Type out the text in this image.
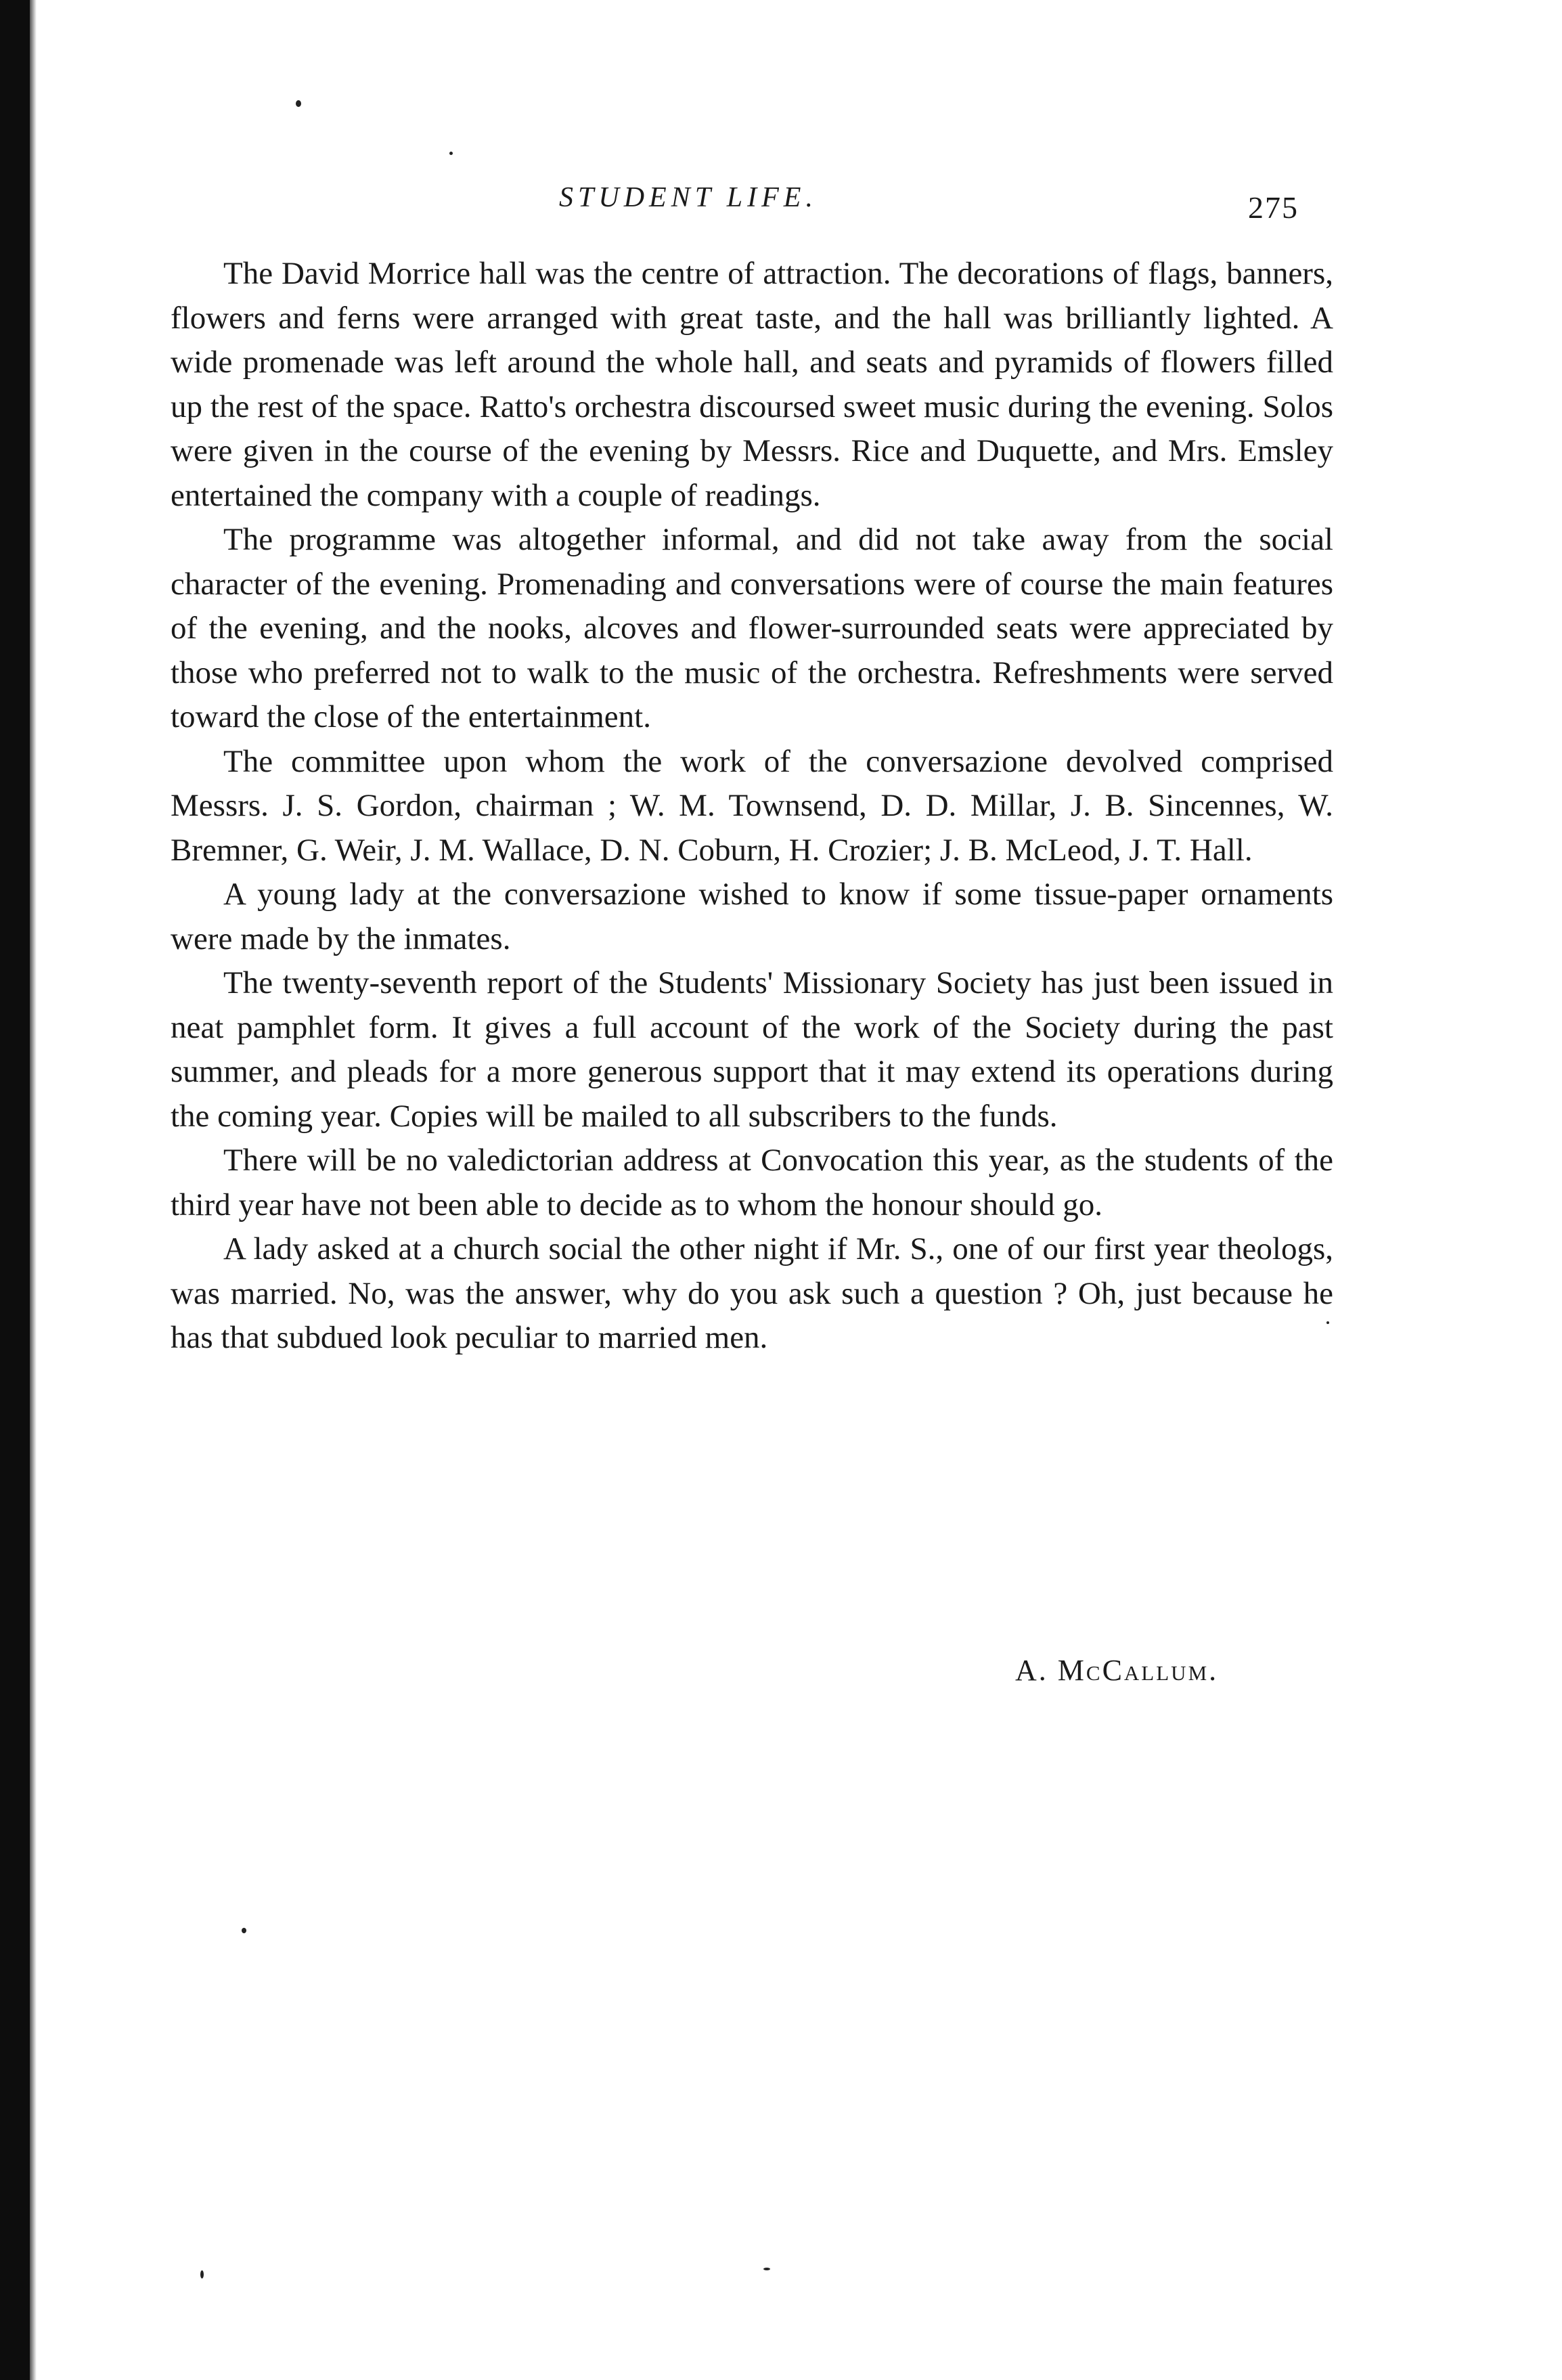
STUDENT LIFE.	275

The David Morrice hall was the centre of attraction. The decorations of flags, banners, flowers and ferns were arranged with great taste, and the hall was brilliantly lighted. A wide promenade was left around the whole hall, and seats and pyramids of flowers filled up the rest of the space. Ratto's orchestra discoursed sweet music during the evening. Solos were given in the course of the evening by Messrs. Rice and Duquette, and Mrs. Emsley entertained the company with a couple of readings.

The programme was altogether informal, and did not take away from the social character of the evening. Promenading and conversations were of course the main features of the evening, and the nooks, alcoves and flower-surrounded seats were appreciated by those who preferred not to walk to the music of the orchestra. Refreshments were served toward the close of the entertainment.

The committee upon whom the work of the conversazione devolved comprised Messrs. J. S. Gordon, chairman ; W. M. Townsend, D. D. Millar, J. B. Sincennes, W. Bremner, G. Weir, J. M. Wallace, D. N. Coburn, H. Crozier; J. B. McLeod, J. T. Hall.

A young lady at the conversazione wished to know if some tissue-paper ornaments were made by the inmates.

The twenty-seventh report of the Students' Missionary Society has just been issued in neat pamphlet form. It gives a full account of the work of the Society during the past summer, and pleads for a more generous support that it may extend its operations during the coming year. Copies will be mailed to all subscribers to the funds.

There will be no valedictorian address at Convocation this year, as the students of the third year have not been able to decide as to whom the honour should go.

A lady asked at a church social the other night if Mr. S., one of our first year theologs, was married. No, was the answer, why do you ask such a question ? Oh, just because he has that subdued look peculiar to married men.

A. McCallum.
